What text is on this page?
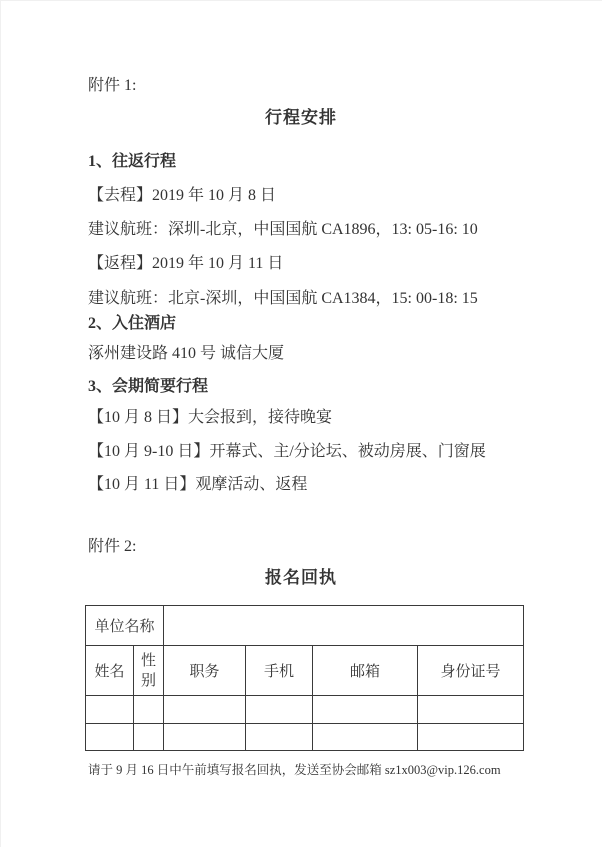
附件 1:
行程安排
1、往返行程
【去程】2019 年 10 月 8 日
建议航班：深圳-北京，中国国航 CA1896，13: 05-16: 10
【返程】2019 年 10 月 11 日
建议航班：北京-深圳，中国国航 CA1384，15: 00-18: 15
2、入住酒店
涿州建设路 410 号 诚信大厦
3、会期简要行程
【10 月 8 日】大会报到，接待晚宴
【10 月 9-10 日】开幕式、主/分论坛、被动房展、门窗展
【10 月 11 日】观摩活动、返程
附件 2:
报名回执
单位名称					
姓名	性别	职务	手机	邮箱	身份证号

请于 9 月 16 日中午前填写报名回执，发送至协会邮箱 sz1x003@vip.126.com
